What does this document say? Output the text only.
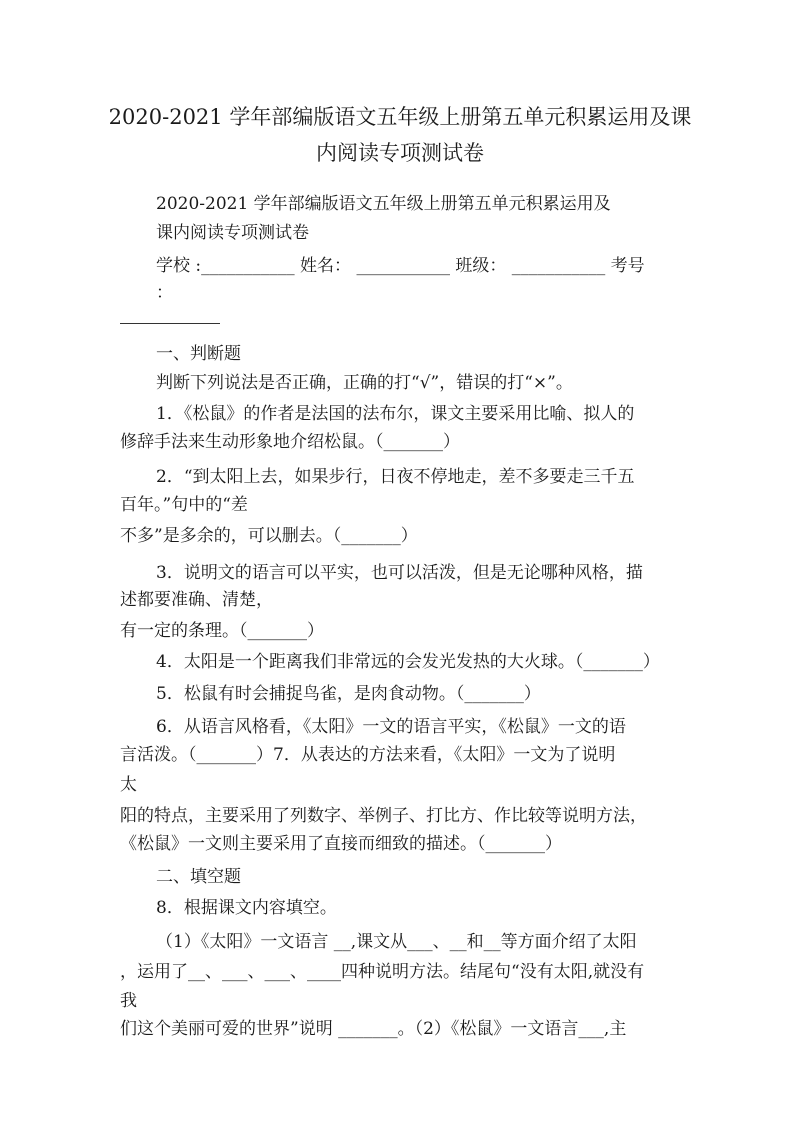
2020-2021 学年部编版语文五年级上册第五单元积累运用及课
内阅读专项测试卷
2020-2021 学年部编版语文五年级上册第五单元积累运用及
课内阅读专项测试卷
学校 :___________ 姓名： ___________ 班级： ___________ 考号
：
一、判断题
判断下列说法是否正确，正确的打“√”，错误的打“×”。
1．《松鼠》的作者是法国的法布尔，课文主要采用比喻、拟人的
修辞手法来生动形象地介绍松鼠。（_______）
2．“到太阳上去，如果步行，日夜不停地走，差不多要走三千五
百年。”句中的“差
不多”是多余的，可以删去。（_______）
3．说明文的语言可以平实，也可以活泼，但是无论哪种风格，描
述都要准确、清楚，
有一定的条理。（_______）
4．太阳是一个距离我们非常远的会发光发热的大火球。（_______）
5．松鼠有时会捕捉鸟雀，是肉食动物。（_______）
6．从语言风格看，《太阳》一文的语言平实，《松鼠》一文的语
言活泼。（_______）7．从表达的方法来看，《太阳》一文为了说明
太
阳的特点，主要采用了列数字、举例子、打比方、作比较等说明方法，
《松鼠》一文则主要采用了直接而细致的描述。（_______）
二、填空题
8．根据课文内容填空。
（1）《太阳》一文语言 __,课文从___、__和__等方面介绍了太阳
，运用了__、___、___、____四种说明方法。结尾句“没有太阳,就没有
我
们这个美丽可爱的世界”说明 _______。（2）《松鼠》一文语言___,主
